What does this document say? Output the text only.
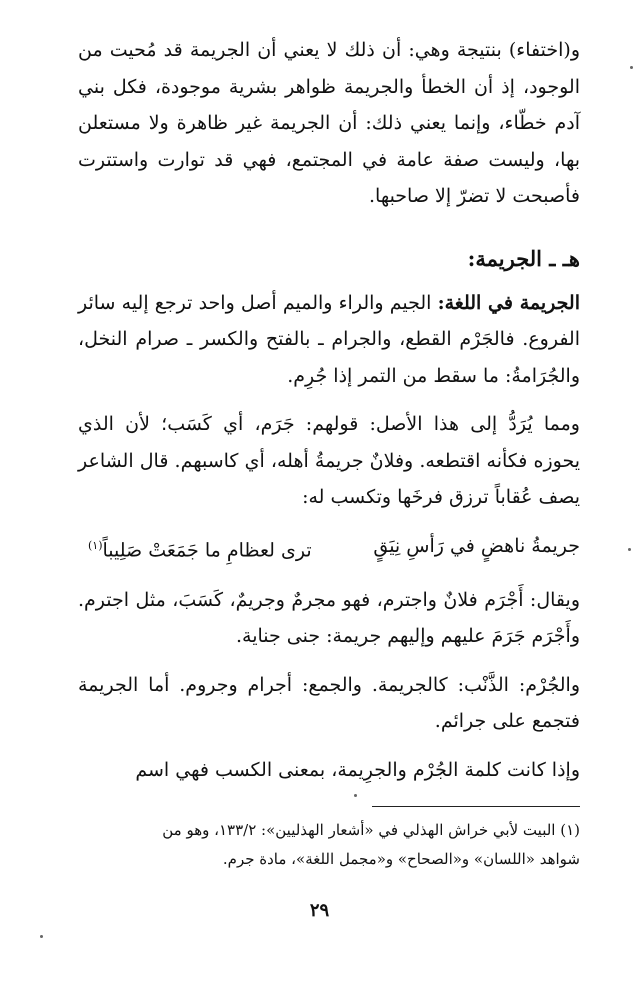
و(اختفاء) بنتيجة وهي: أن ذلك لا يعني أن الجريمة قد مُحيت من الوجود، إذ أن الخطأ والجريمة ظواهر بشرية موجودة، فكل بني آدم خطّاء، وإنما يعني ذلك: أن الجريمة غير ظاهرة ولا مستعلن بها، وليست صفة عامة في المجتمع، فهي قد توارت واستترت فأصبحت لا تضرّ إلا صاحبها.

هـ ـ الجريمة:

الجريمة في اللغة: الجيم والراء والميم أصل واحد ترجع إليه سائر الفروع. فالجَرْم القطع، والجرام ـ بالفتح والكسر ـ صرام النخل، والجُرَامةُ: ما سقط من التمر إذا جُرِم.

ومما يُرَدُّ إلى هذا الأصل: قولهم: جَرَم، أي كَسَب؛ لأن الذي يحوزه فكأنه اقتطعه. وفلانٌ جريمةُ أهله، أي كاسبهم. قال الشاعر يصف عُقاباً ترزق فرخَها وتكسب له:

جريمةُ ناهضٍ في رَأسِ نِيَقٍ
ترى لعظامِ ما جَمَعَتْ صَلِيباً$^{(١)}$

ويقال: أَجْرَم فلانٌ واجترم، فهو مجرمٌ وجريمٌ، كَسَبَ، مثل اجترم. وأَجْرَم جَرَمَ عليهم وإليهم جريمة: جنى جناية.

والجُرْم: الذَّنْب: كالجريمة. والجمع: أجرام وجروم. أما الجريمة فتجمع على جرائم.

وإذا كانت كلمة الجُرْم والجرِيمة، بمعنى الكسب فهي اسم

(١) البيت لأبي خراش الهذلي في «أشعار الهذليين»: ١٣٣/٢، وهو من
شواهد «اللسان» و«الصحاح» و«مجمل اللغة»، مادة جرم.
٢٩
